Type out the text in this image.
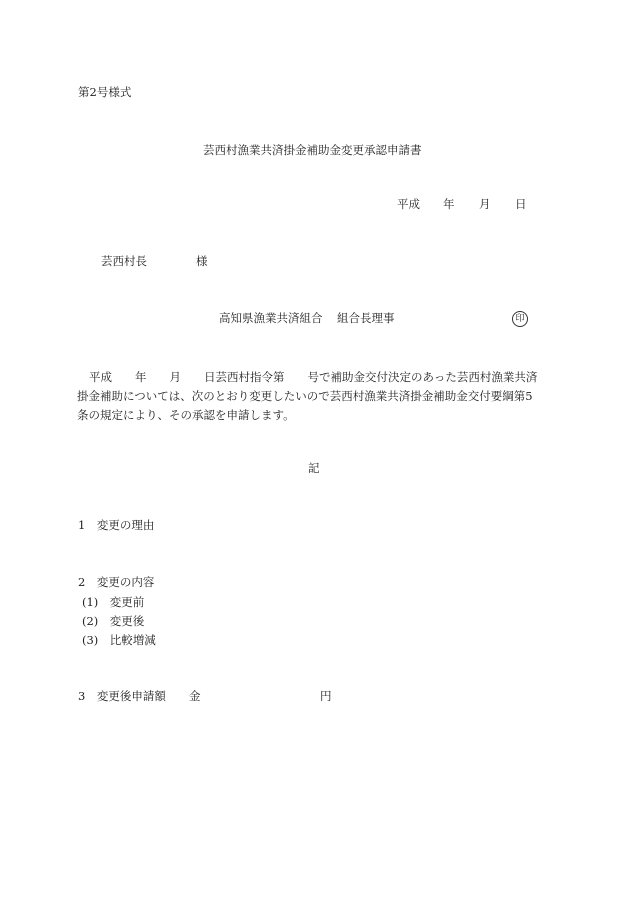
第2号様式
芸西村漁業共済掛金補助金変更承認申請書
平成 年 月 日
芸西村長	様
高知県漁業共済組合 組合長理事	印
平成　　年　　月　　日芸西村指令第　　号で補助金交付決定のあった芸西村漁業共済
掛金補助については、次のとおり変更したいので芸西村漁業共済掛金補助金交付要綱第5
条の規定により、その承認を申請します。
記
1　変更の理由
2　変更の内容
(1)　変更前
(2)　変更後
(3)　比較増減
3　変更後申請額 金	円
